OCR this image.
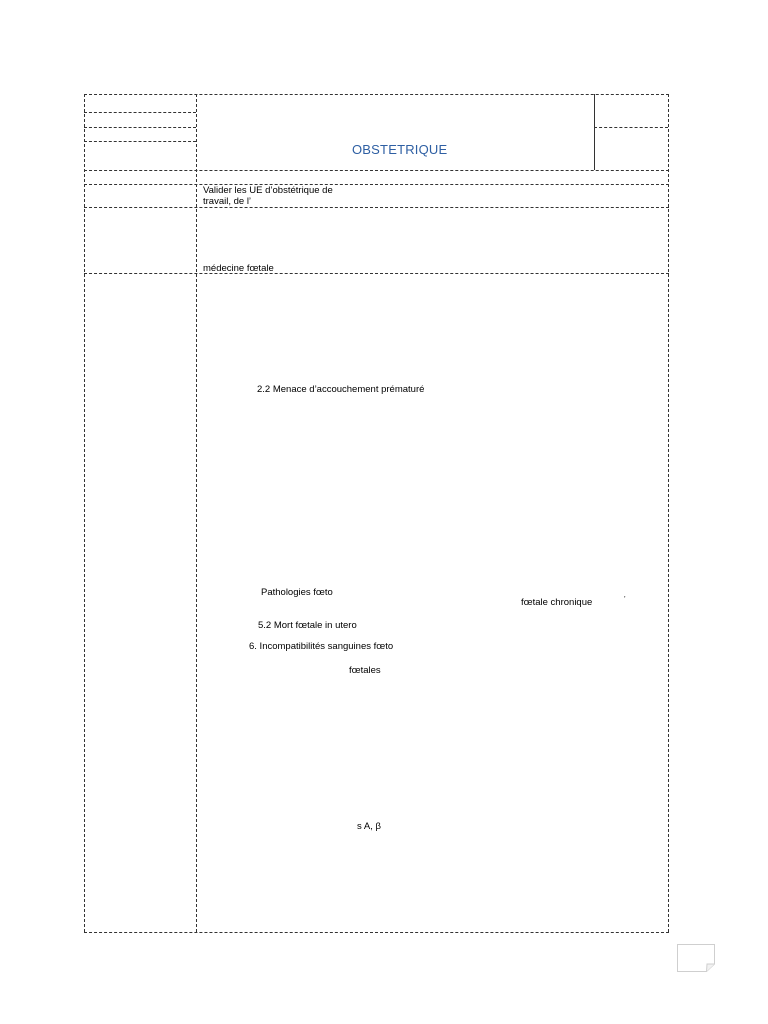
OBSTETRIQUE
Valider les UE d’obstétrique de
travail, de l’
médecine fœtale
2.2 Menace d’accouchement prématuré
Pathologies fœto
fœtale chronique	’
5.2 Mort fœtale in utero
6. Incompatibilités sanguines fœto
fœtales
s A, β
